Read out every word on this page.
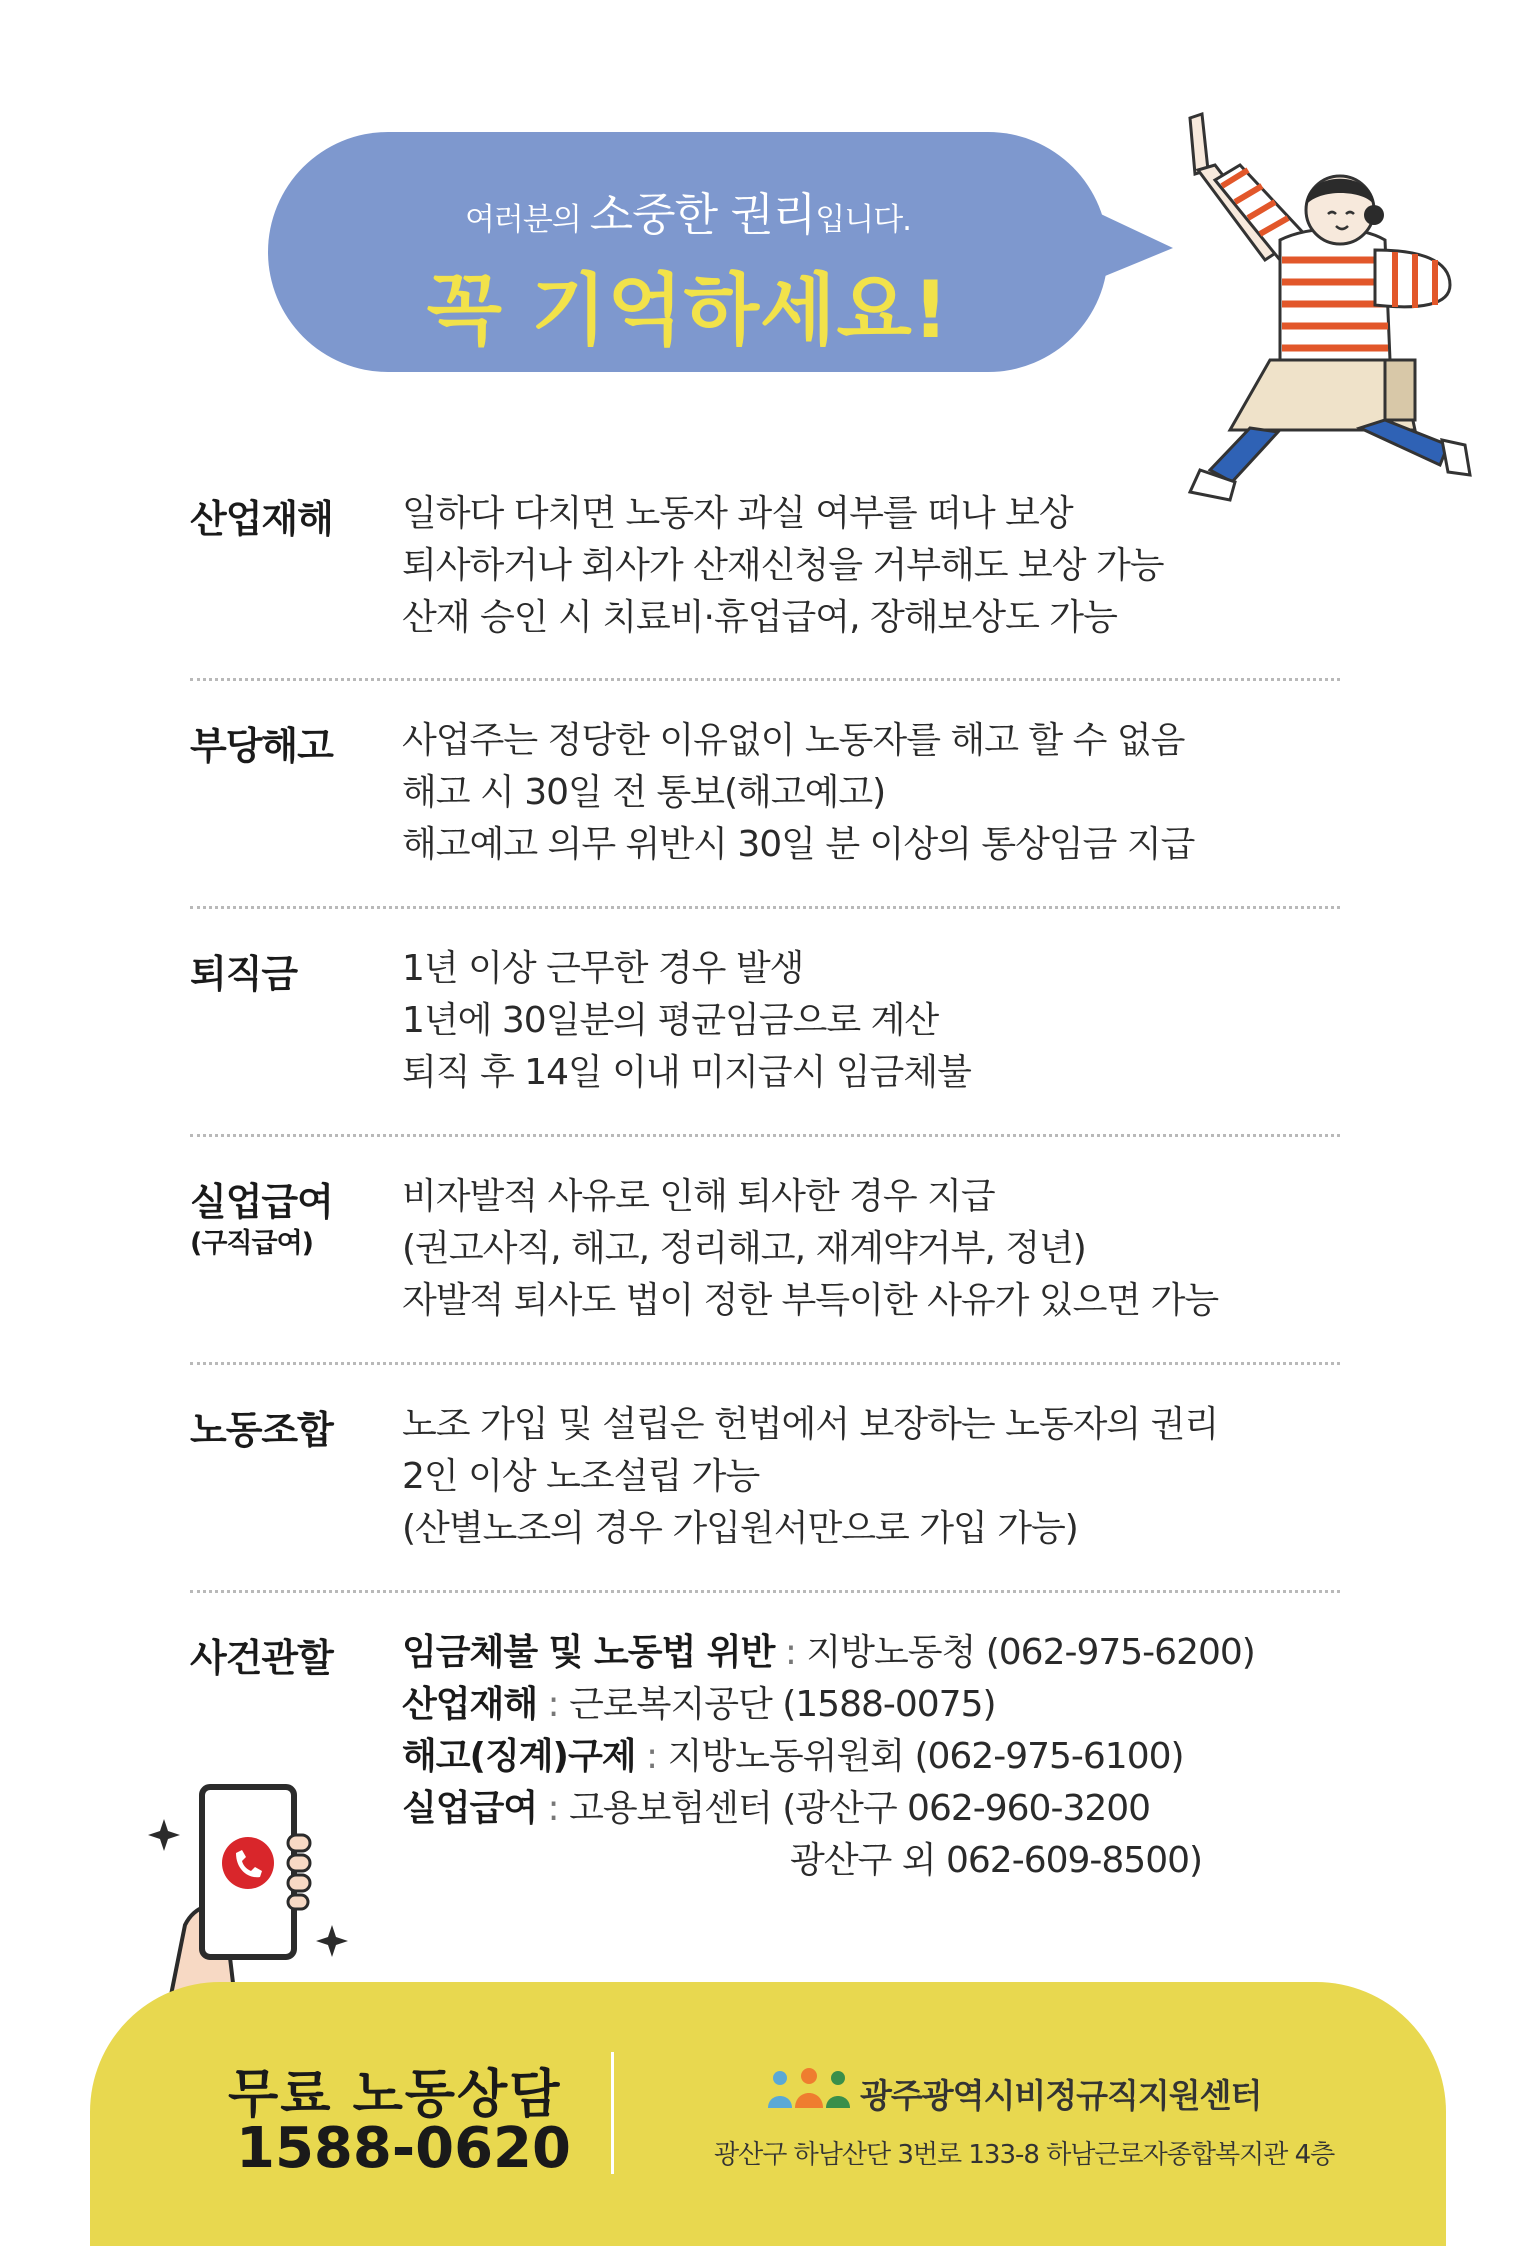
여러분의 소중한 권리입니다.
꼭 기억하세요!
산업재해 일하다 다치면 노동자 과실 여부를 떠나 보상
퇴사하거나 회사가 산재신청을 거부해도 보상 가능
산재 승인 시 치료비·휴업급여, 장해보상도 가능
부당해고 사업주는 정당한 이유없이 노동자를 해고 할 수 없음
해고 시 30일 전 통보(해고예고)
해고예고 의무 위반시 30일 분 이상의 통상임금 지급
퇴직금	1년 이상 근무한 경우 발생
1년에 30일분의 평균임금으로 계산
퇴직 후 14일 이내 미지급시 임금체불
실업급여
(구직급여)
비자발적 사유로 인해 퇴사한 경우 지급
(권고사직, 해고, 정리해고, 재계약거부, 정년)
자발적 퇴사도 법이 정한 부득이한 사유가 있으면 가능
노동조합 노조 가입 및 설립은 헌법에서 보장하는 노동자의 권리
2인 이상 노조설립 가능
(산별노조의 경우 가입원서만으로 가입 가능)
사건관할 임금체불 및 노동법 위반 : 지방노동청 (062-975-6200)
산업재해 : 근로복지공단 (1588-0075)
해고(징계)구제 : 지방노동위원회 (062-975-6100)
실업급여 : 고용보험센터 (광산구 062-960-3200
광산구 외 062-609-8500)
무료 노동상담
1588-0620
광주광역시비정규직지원센터
광산구 하남산단 3번로 133-8 하남근로자종합복지관 4층
